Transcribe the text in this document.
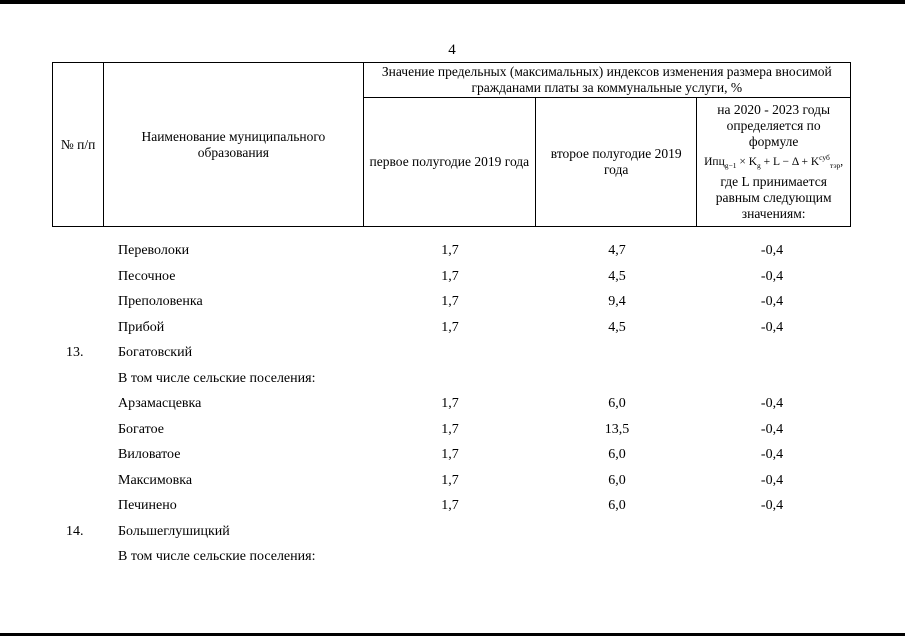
4
№ п/п	Наименование муниципального образования	Значение предельных (максимальных) индексов изменения размера вносимой гражданами платы за коммунальные услуги, %		
		первое полугодие 2019 года	второе полугодие 2019 года	на 2020 - 2023 годы определяется по формуле
$Ипц_{g-1} \times K_g + L - \Delta + K^{суб}_{тэр}$,
где L принимается равным следующим значениям:
Переволоки	1,7	4,7	-0,4
Песочное	1,7	4,5	-0,4
Преполовенка	1,7	9,4	-0,4
Прибой	1,7	4,5	-0,4
13. Богатовский
В том числе сельские поселения:
Арзамасцевка	1,7	6,0	-0,4
Богатое	1,7	13,5	-0,4
Виловатое	1,7	6,0	-0,4
Максимовка	1,7	6,0	-0,4
Печинено	1,7	6,0	-0,4
14. Большеглушицкий
В том числе сельские поселения:
